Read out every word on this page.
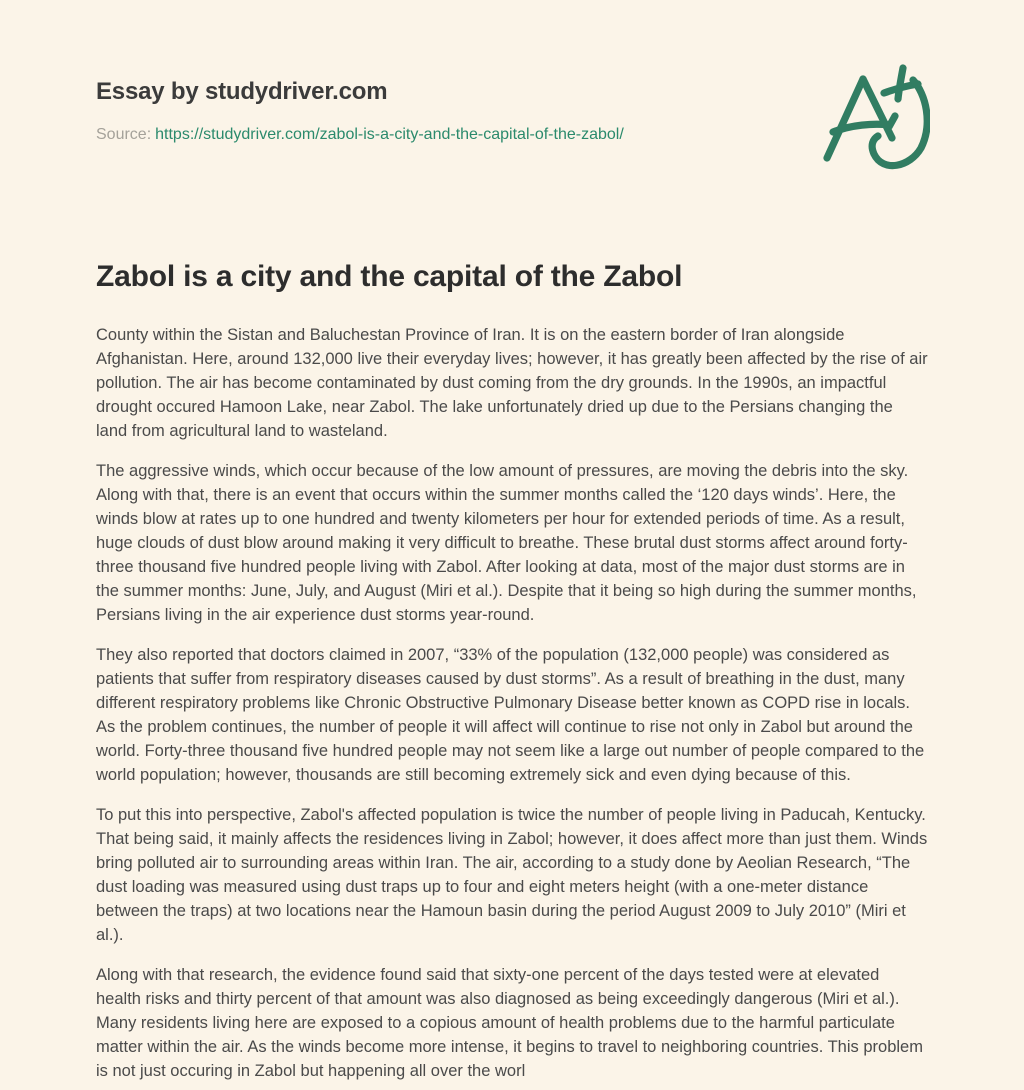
Essay by studydriver.com
Source: https://studydriver.com/zabol-is-a-city-and-the-capital-of-the-zabol/
Zabol is a city and the capital of the Zabol

County within the Sistan and Baluchestan Province of Iran. It is on the eastern border of Iran alongside Afghanistan. Here, around 132,000 live their everyday lives; however, it has greatly been affected by the rise of air pollution. The air has become contaminated by dust coming from the dry grounds. In the 1990s, an impactful drought occured Hamoon Lake, near Zabol. The lake unfortunately dried up due to the Persians changing the land from agricultural land to wasteland.

The aggressive winds, which occur because of the low amount of pressures, are moving the debris into the sky. Along with that, there is an event that occurs within the summer months called the ‘120 days winds’. Here, the winds blow at rates up to one hundred and twenty kilometers per hour for extended periods of time. As a result, huge clouds of dust blow around making it very difficult to breathe. These brutal dust storms affect around forty-three thousand five hundred people living with Zabol. After looking at data, most of the major dust storms are in the summer months: June, July, and August (Miri et al.). Despite that it being so high during the summer months, Persians living in the air experience dust storms year-round.

They also reported that doctors claimed in 2007, “33% of the population (132,000 people) was considered as patients that suffer from respiratory diseases caused by dust storms”. As a result of breathing in the dust, many different respiratory problems like Chronic Obstructive Pulmonary Disease better known as COPD rise in locals. As the problem continues, the number of people it will affect will continue to rise not only in Zabol but around the world. Forty-three thousand five hundred people may not seem like a large out number of people compared to the world population; however, thousands are still becoming extremely sick and even dying because of this.

To put this into perspective, Zabol's affected population is twice the number of people living in Paducah, Kentucky. That being said, it mainly affects the residences living in Zabol; however, it does affect more than just them. Winds bring polluted air to surrounding areas within Iran. The air, according to a study done by Aeolian Research, “The dust loading was measured using dust traps up to four and eight meters height (with a one-meter distance between the traps) at two locations near the Hamoun basin during the period August 2009 to July 2010” (Miri et al.).

Along with that research, the evidence found said that sixty-one percent of the days tested were at elevated health risks and thirty percent of that amount was also diagnosed as being exceedingly dangerous (Miri et al.). Many residents living here are exposed to a copious amount of health problems due to the harmful particulate matter within the air. As the winds become more intense, it begins to travel to neighboring countries. This problem is not just occuring in Zabol but happening all over the worl
